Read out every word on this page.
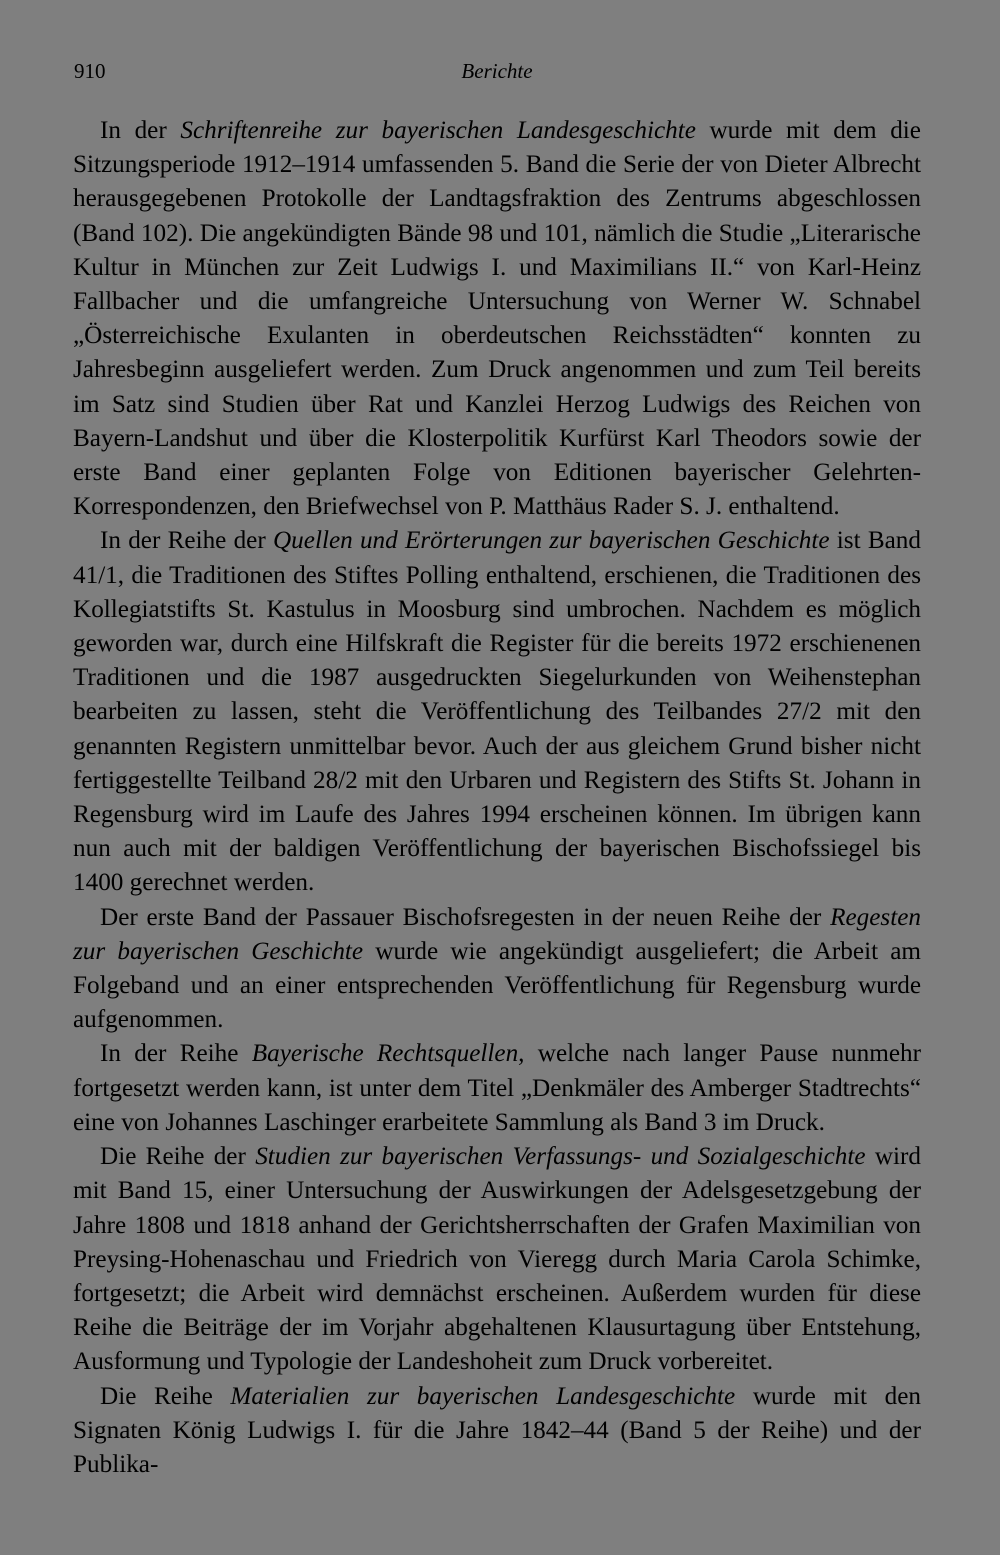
910	Berichte

In der Schriftenreihe zur bayerischen Landesgeschichte wurde mit dem die Sitzungsperiode 1912–1914 umfassenden 5. Band die Serie der von Dieter Albrecht herausgegebenen Protokolle der Landtagsfraktion des Zentrums abgeschlossen (Band 102). Die angekündigten Bände 98 und 101, nämlich die Studie „Literarische Kultur in München zur Zeit Ludwigs I. und Maximilians II.“ von Karl-Heinz Fallbacher und die umfangreiche Untersuchung von Werner W. Schnabel „Österreichische Exulanten in oberdeutschen Reichsstädten“ konnten zu Jahresbeginn ausgeliefert werden. Zum Druck angenommen und zum Teil bereits im Satz sind Studien über Rat und Kanzlei Herzog Ludwigs des Reichen von Bayern-Landshut und über die Klosterpolitik Kurfürst Karl Theodors sowie der erste Band einer geplanten Folge von Editionen bayerischer Gelehrten-Korrespondenzen, den Briefwechsel von P. Matthäus Rader S. J. enthaltend.

In der Reihe der Quellen und Erörterungen zur bayerischen Geschichte ist Band 41/1, die Traditionen des Stiftes Polling enthaltend, erschienen, die Traditionen des Kollegiatstifts St. Kastulus in Moosburg sind umbrochen. Nachdem es möglich geworden war, durch eine Hilfskraft die Register für die bereits 1972 erschienenen Traditionen und die 1987 ausgedruckten Siegelurkunden von Weihenstephan bearbeiten zu lassen, steht die Veröffentlichung des Teilbandes 27/2 mit den genannten Registern unmittelbar bevor. Auch der aus gleichem Grund bisher nicht fertiggestellte Teilband 28/2 mit den Urbaren und Registern des Stifts St. Johann in Regensburg wird im Laufe des Jahres 1994 erscheinen können. Im übrigen kann nun auch mit der baldigen Veröffentlichung der bayerischen Bischofssiegel bis 1400 gerechnet werden.

Der erste Band der Passauer Bischofsregesten in der neuen Reihe der Regesten zur bayerischen Geschichte wurde wie angekündigt ausgeliefert; die Arbeit am Folgeband und an einer entsprechenden Veröffentlichung für Regensburg wurde aufgenommen.

In der Reihe Bayerische Rechtsquellen, welche nach langer Pause nunmehr fortgesetzt werden kann, ist unter dem Titel „Denkmäler des Amberger Stadtrechts“ eine von Johannes Laschinger erarbeitete Sammlung als Band 3 im Druck.

Die Reihe der Studien zur bayerischen Verfassungs- und Sozialgeschichte wird mit Band 15, einer Untersuchung der Auswirkungen der Adelsgesetzgebung der Jahre 1808 und 1818 anhand der Gerichtsherrschaften der Grafen Maximilian von Preysing-Hohenaschau und Friedrich von Vieregg durch Maria Carola Schimke, fortgesetzt; die Arbeit wird demnächst erscheinen. Außerdem wurden für diese Reihe die Beiträge der im Vorjahr abgehaltenen Klausurtagung über Entstehung, Ausformung und Typologie der Landeshoheit zum Druck vorbereitet.

Die Reihe Materialien zur bayerischen Landesgeschichte wurde mit den Signaten König Ludwigs I. für die Jahre 1842–44 (Band 5 der Reihe) und der Publika-
